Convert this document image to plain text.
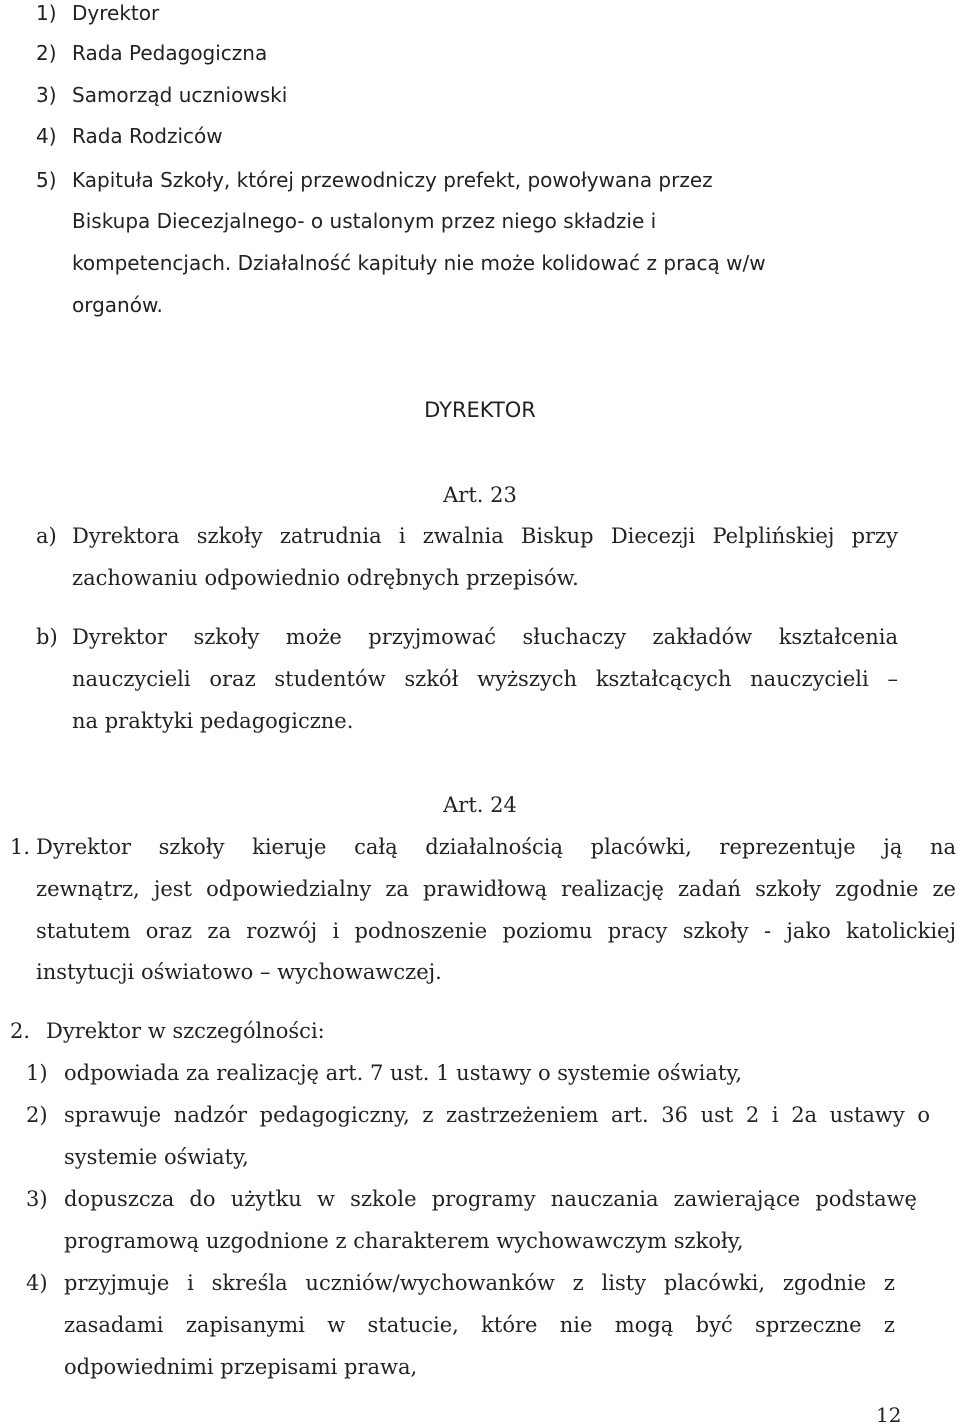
1) Dyrektor
2) Rada Pedagogiczna
3) Samorząd uczniowski
4) Rada Rodziców
5) Kapituła Szkoły, której przewodniczy prefekt, powoływana przez
Biskupa Diecezjalnego- o ustalonym przez niego składzie i
kompetencjach. Działalność kapituły nie może kolidować z pracą w/w
organów.
DYREKTOR
Art. 23
a) Dyrektora szkoły zatrudnia i zwalnia Biskup Diecezji Pelplińskiej przy
zachowaniu odpowiednio odrębnych przepisów.
b) Dyrektor szkoły może przyjmować słuchaczy zakładów kształcenia
nauczycieli oraz studentów szkół wyższych kształcących nauczycieli –
na praktyki pedagogiczne.
Art. 24
1. Dyrektor szkoły kieruje całą działalnością placówki, reprezentuje ją na
zewnątrz, jest odpowiedzialny za prawidłową realizację zadań szkoły zgodnie ze
statutem oraz za rozwój i podnoszenie poziomu pracy szkoły - jako katolickiej
instytucji oświatowo – wychowawczej.
2. Dyrektor w szczególności:
1) odpowiada za realizację art. 7 ust. 1 ustawy o systemie oświaty,
2) sprawuje nadzór pedagogiczny, z zastrzeżeniem art. 36 ust 2 i 2a ustawy o
systemie oświaty,
3) dopuszcza do użytku w szkole programy nauczania zawierające podstawę
programową uzgodnione z charakterem wychowawczym szkoły,
4) przyjmuje i skreśla uczniów/wychowanków z listy placówki, zgodnie z
zasadami zapisanymi w statucie, które nie mogą być sprzeczne z
odpowiednimi przepisami prawa,
12
